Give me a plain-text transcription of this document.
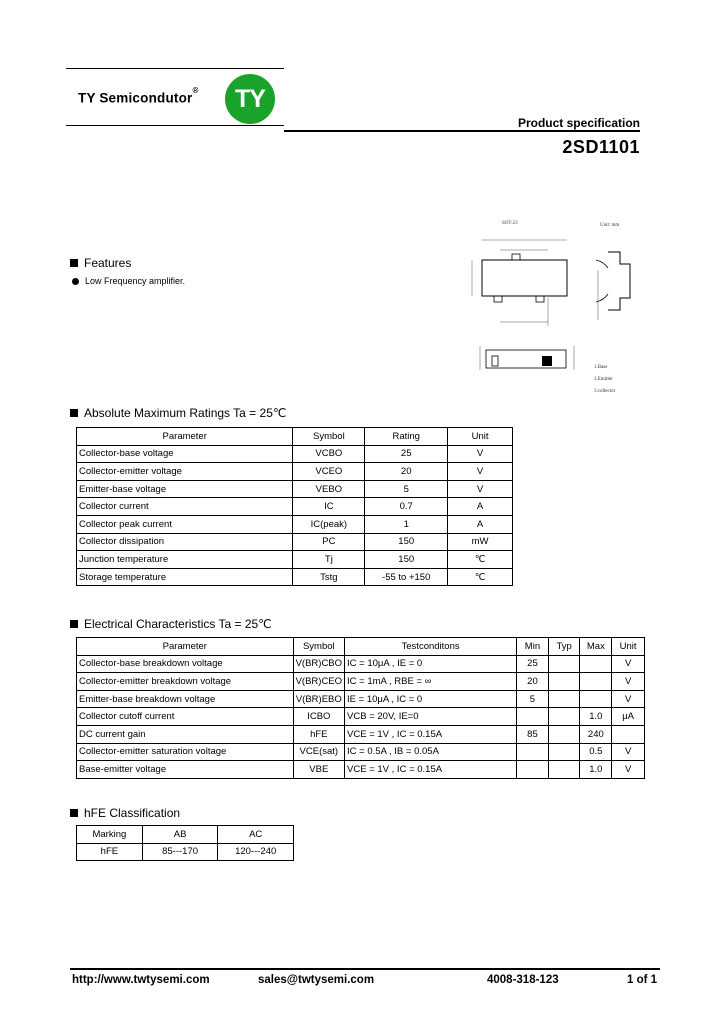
TY Semicondutor® TY
Product specification
2SD1101
SOT-23	Unit: mm
1.Base
2.Emitter
3.collector
Features
Low Frequency amplifier.
Absolute Maximum Ratings Ta = 25℃
Parameter	Symbol	Rating	Unit
Collector-base voltage	VCBO	25	V
Collector-emitter voltage	VCEO	20	V
Emitter-base voltage	VEBO	5	V
Collector current	IC	0.7	A
Collector peak current	IC(peak)	1	A
Collector dissipation	PC	150	mW
Junction temperature	Tj	150	℃
Storage temperature	Tstg	-55 to +150	℃
Electrical Characteristics Ta = 25℃
Parameter	Symbol	Testconditons	Min	Typ	Max	Unit
Collector-base breakdown voltage	V(BR)CBO	IC = 10μA , IE = 0	25			V
Collector-emitter breakdown voltage	V(BR)CEO	IC = 1mA , RBE = ∞	20			V
Emitter-base breakdown voltage	V(BR)EBO	IE = 10μA , IC = 0	5			V
Collector cutoff current	ICBO	VCB = 20V, IE=0			1.0	μA
DC current gain	hFE	VCE = 1V , IC = 0.15A	85		240	
Collector-emitter saturation voltage	VCE(sat)	IC = 0.5A , IB = 0.05A			0.5	V
Base-emitter voltage	VBE	VCE = 1V , IC = 0.15A			1.0	V
hFE Classification
Marking	AB	AC
hFE	85---170	120---240
http://www.twtysemi.com	sales@twtysemi.com	4008-318-123	1 of 1
